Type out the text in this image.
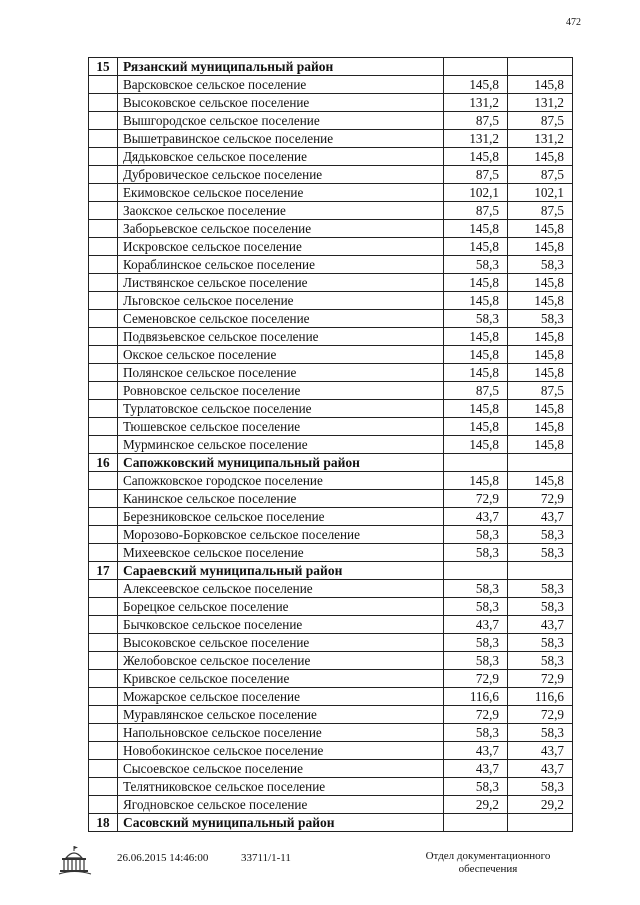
472
15	Рязанский муниципальный район		
	Варсковское сельское поселение	145,8	145,8
	Высоковское сельское поселение	131,2	131,2
	Вышгородское сельское поселение	87,5	87,5
	Вышетравинское сельское поселение	131,2	131,2
	Дядьковское сельское поселение	145,8	145,8
	Дубровическое сельское поселение	87,5	87,5
	Екимовское сельское поселение	102,1	102,1
	Заокское сельское поселение	87,5	87,5
	Заборьевское сельское поселение	145,8	145,8
	Искровское сельское поселение	145,8	145,8
	Кораблинское сельское поселение	58,3	58,3
	Листвянское сельское поселение	145,8	145,8
	Льговское сельское поселение	145,8	145,8
	Семеновское сельское поселение	58,3	58,3
	Подвязьевское сельское поселение	145,8	145,8
	Окское сельское поселение	145,8	145,8
	Полянское сельское поселение	145,8	145,8
	Ровновское сельское поселение	87,5	87,5
	Турлатовское сельское поселение	145,8	145,8
	Тюшевское сельское поселение	145,8	145,8
	Мурминское сельское поселение	145,8	145,8
16	Сапожковский муниципальный район		
	Сапожковское городское поселение	145,8	145,8
	Канинское сельское поселение	72,9	72,9
	Березниковское сельское поселение	43,7	43,7
	Морозово-Борковское сельское поселение	58,3	58,3
	Михеевское сельское поселение	58,3	58,3
17	Сараевский муниципальный район		
	Алексеевское сельское поселение	58,3	58,3
	Борецкое сельское поселение	58,3	58,3
	Бычковское сельское поселение	43,7	43,7
	Высоковское сельское поселение	58,3	58,3
	Желобовское сельское поселение	58,3	58,3
	Кривское сельское поселение	72,9	72,9
	Можарское сельское поселение	116,6	116,6
	Муравлянское сельское поселение	72,9	72,9
	Напольновское сельское поселение	58,3	58,3
	Новобокинское сельское поселение	43,7	43,7
	Сысоевское сельское поселение	43,7	43,7
	Телятниковское сельское поселение	58,3	58,3
	Ягодновское сельское поселение	29,2	29,2
18	Сасовский муниципальный район		
26.06.2015 14:46:00	33711/1-11	Отдел документационного
обеспечения
